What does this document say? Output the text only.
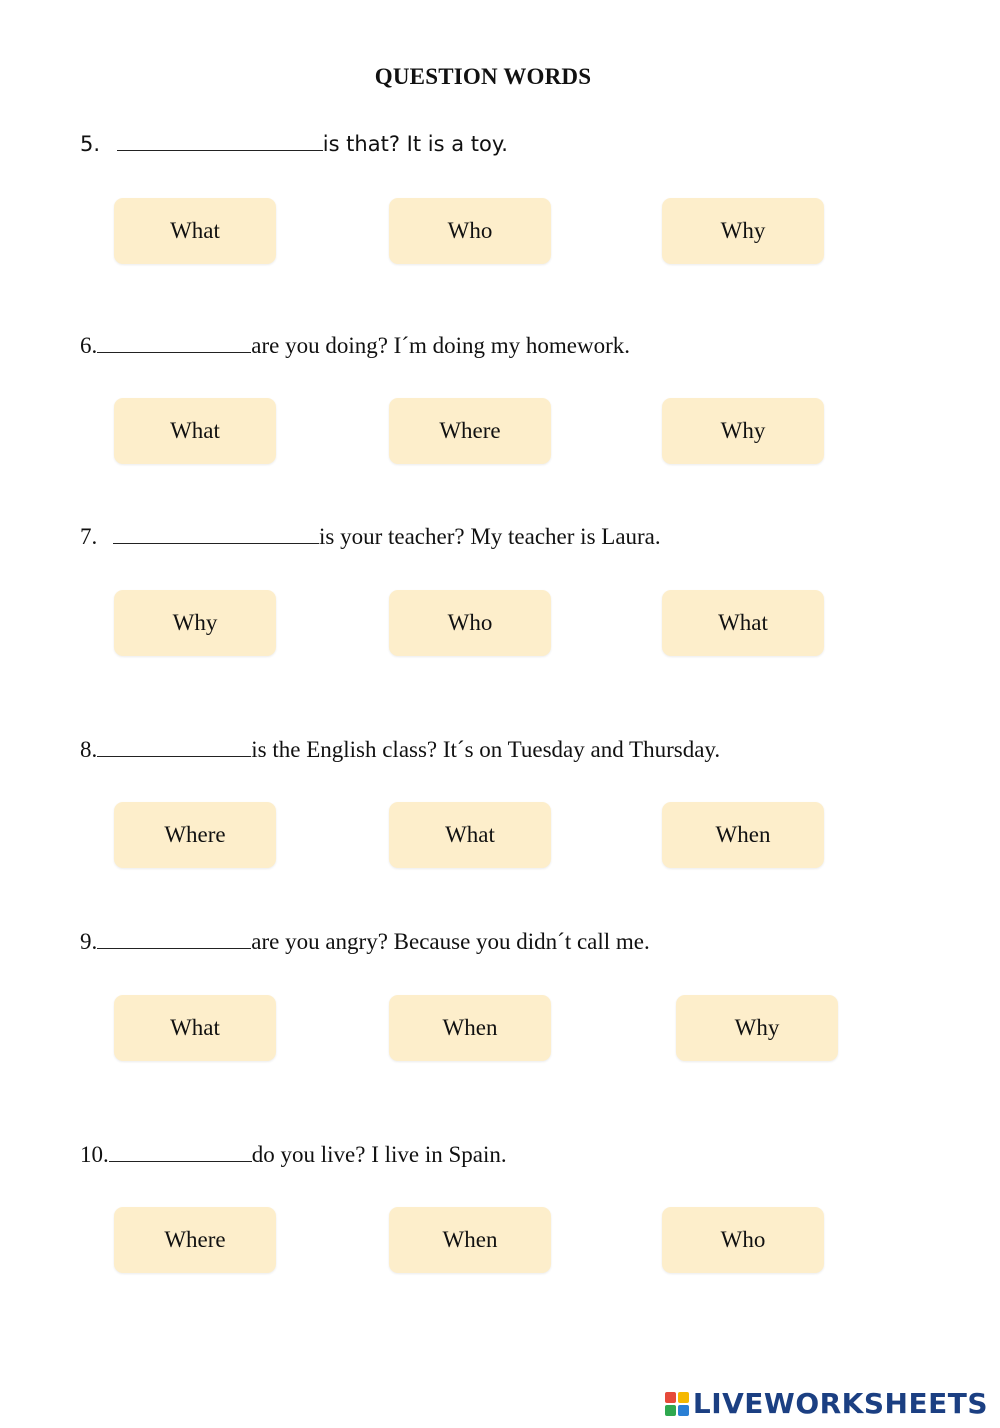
QUESTION WORDS
5.	is that? It is a toy.
What	Who	Why
6.	are you doing? I´m doing my homework.
What	Where	Why
7.	is your teacher? My teacher is Laura.
Why	Who	What
8.	is the English class? It´s on Tuesday and Thursday.
Where	What	When
9.	are you angry? Because you didn´t call me.
What	When	Why
10.	do you live? I live in Spain.
Where	When	Who
LIVEWORKSHEETS
